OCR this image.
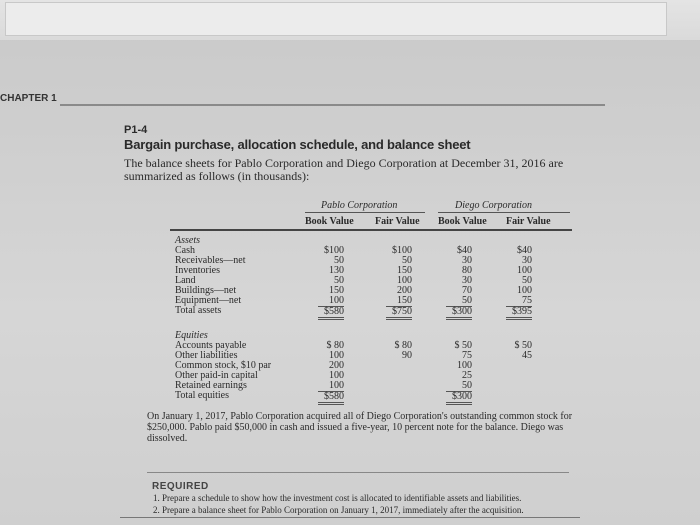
CHAPTER 1
P1-4
Bargain purchase, allocation schedule, and balance sheet
The balance sheets for Pablo Corporation and Diego Corporation at December 31, 2016 are summarized as follows (in thousands):
Pablo Corporation	Diego Corporation
Book Value Fair Value Book Value Fair Value
Assets
Cash
Receivables—net
Inventories
Land
Buildings—net
Equipment—net
Total assets
$100
50
130
50
150
100
$580
$100
50
150
100
200
150
$750
$40
30
80
30
70
50
$300
$40
30
100
50
100
75
$395
Equities
Accounts payable
Other liabilities
Common stock, $10 par
Other paid-in capital
Retained earnings
Total equities
$ 80
100
200
100
100
$580
$ 80
90
$ 50
75
100
25
50
$300
$ 50
45
On January 1, 2017, Pablo Corporation acquired all of Diego Corporation's outstanding common stock for $250,000. Pablo paid $50,000 in cash and issued a five-year, 10 percent note for the balance. Diego was dissolved.
REQUIRED
1. Prepare a schedule to show how the investment cost is allocated to identifiable assets and liabilities.
2. Prepare a balance sheet for Pablo Corporation on January 1, 2017, immediately after the acquisition.
